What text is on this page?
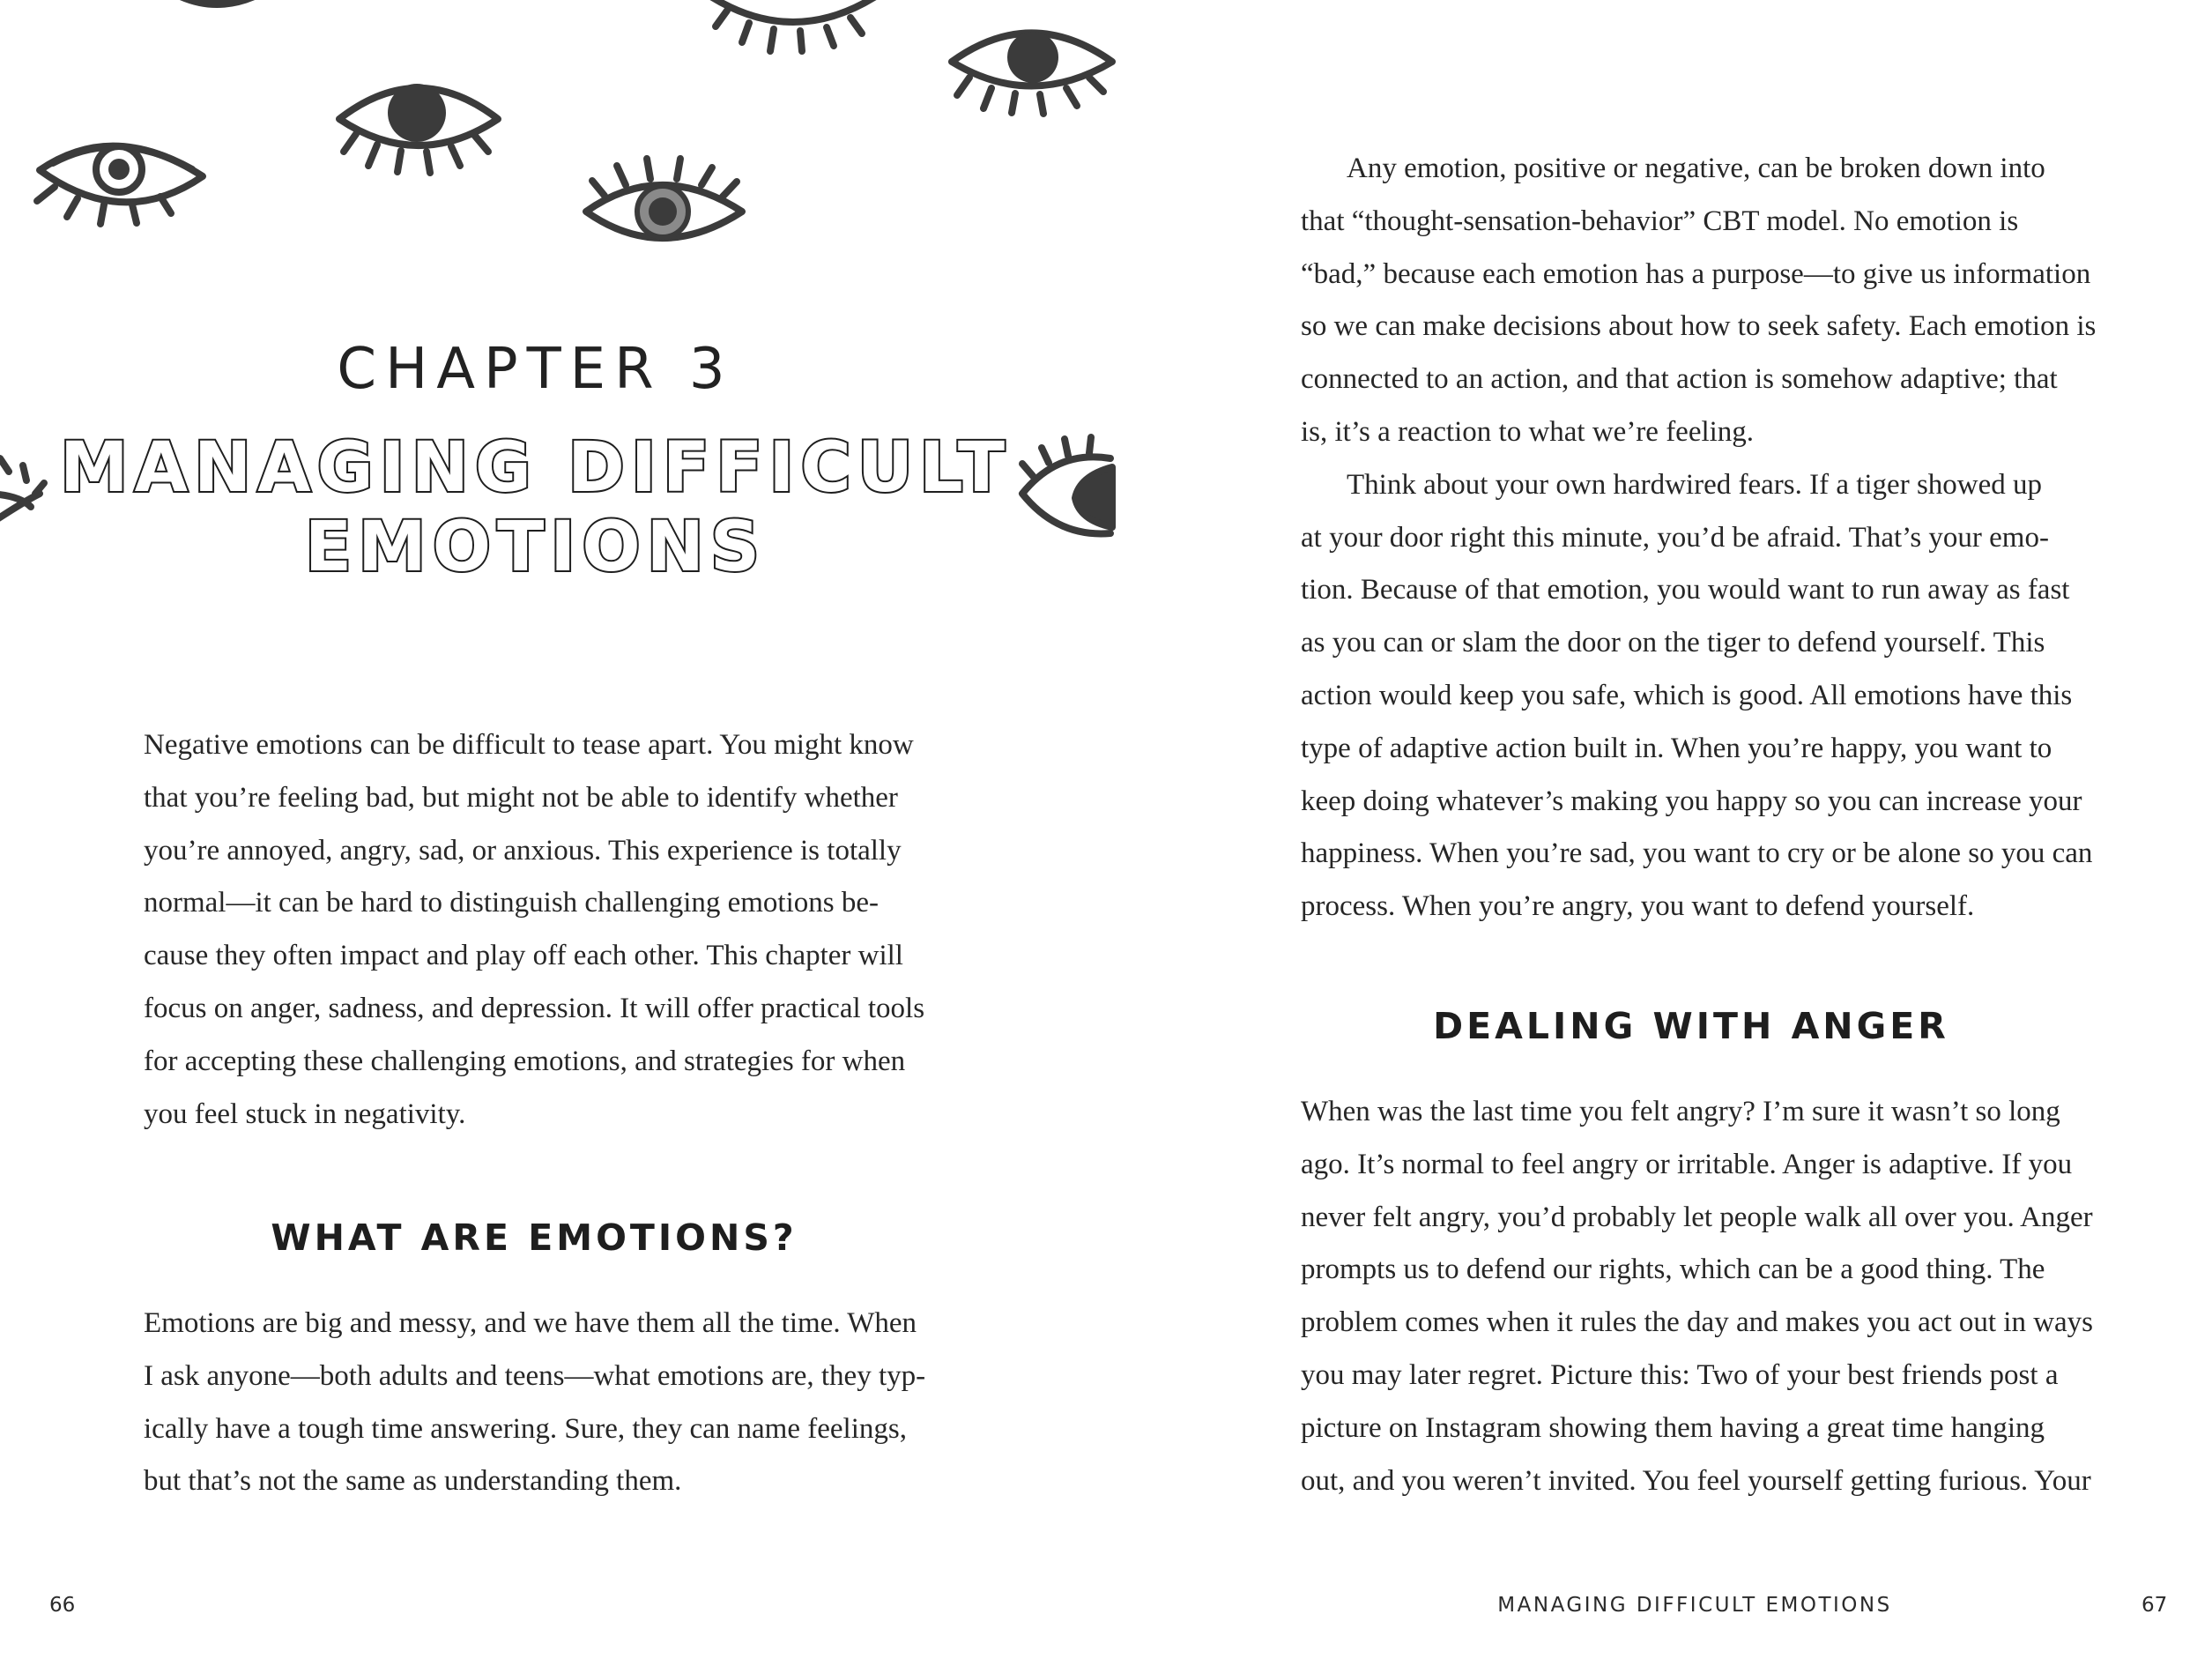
CHAPTER 3
MANAGING DIFFICULT
EMOTIONS

Negative emotions can be difficult to tease apart. You might know

that you’re feeling bad, but might not be able to identify whether

you’re annoyed, angry, sad, or anxious. This experience is totally

normal—it can be hard to distinguish challenging emotions be-

cause they often impact and play off each other. This chapter will

focus on anger, sadness, and depression. It will offer practical tools

for accepting these challenging emotions, and strategies for when

you feel stuck in negativity.

WHAT ARE EMOTIONS?

Emotions are big and messy, and we have them all the time. When

I ask anyone—both adults and teens—what emotions are, they typ-

ically have a tough time answering. Sure, they can name feelings,

but that’s not the same as understanding them.

66

Any emotion, positive or negative, can be broken down into

that “thought-sensation-behavior” CBT model. No emotion is

“bad,” because each emotion has a purpose—to give us information

so we can make decisions about how to seek safety. Each emotion is

connected to an action, and that action is somehow adaptive; that

is, it’s a reaction to what we’re feeling.

Think about your own hardwired fears. If a tiger showed up

at your door right this minute, you’d be afraid. That’s your emo-

tion. Because of that emotion, you would want to run away as fast

as you can or slam the door on the tiger to defend yourself. This

action would keep you safe, which is good. All emotions have this

type of adaptive action built in. When you’re happy, you want to

keep doing whatever’s making you happy so you can increase your

happiness. When you’re sad, you want to cry or be alone so you can

process. When you’re angry, you want to defend yourself.

DEALING WITH ANGER

When was the last time you felt angry? I’m sure it wasn’t so long

ago. It’s normal to feel angry or irritable. Anger is adaptive. If you

never felt angry, you’d probably let people walk all over you. Anger

prompts us to defend our rights, which can be a good thing. The

problem comes when it rules the day and makes you act out in ways

you may later regret. Picture this: Two of your best friends post a

picture on Instagram showing them having a great time hanging

out, and you weren’t invited. You feel yourself getting furious. Your

MANAGING DIFFICULT EMOTIONS	67
